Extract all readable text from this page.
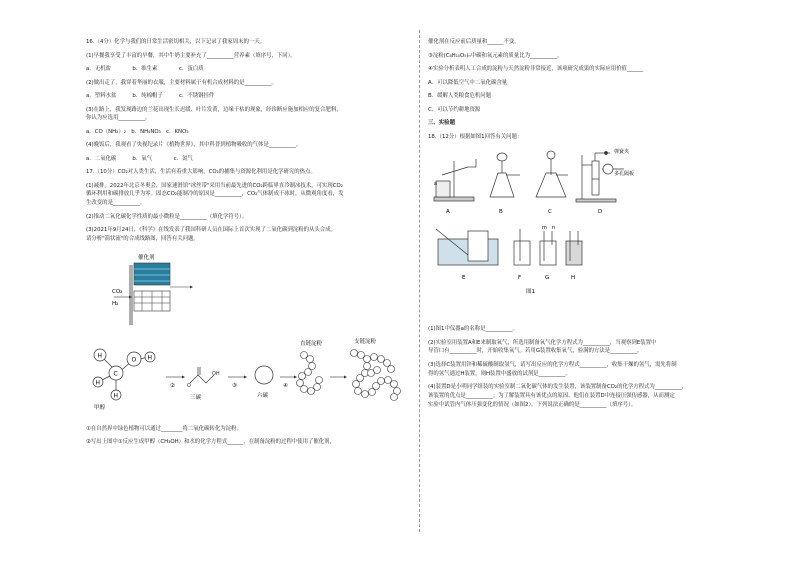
16.（4分）化学与我们的日常生活密切相关，以下记录了我家周末的一天。
(1)早餐我享受了丰富的早餐，其中牛奶主要补充了__________营养素（填序号，下同）。
a．无机盐　　　　b．维生素　　　　c．蛋白质
(2)做出走了，我穿着华丽的衣服，主要材料属于有机合成材料的是__________。
a．塑料水盆　　　b．纯棉帽子　　　c．不锈钢挂件
(3)在路上，我发现路边的兰花出现生长迟缓、叶片发黄，边缘干枯的现象，经诊断应施加相应的复合肥料，
你认为应选用__________。
a．CO（NH₂）₂　b．NH₄NO₃　c．KNO₃
(4)晚饭后，我观看了央视纪录片《植物世界》，其中科普到植物吸收的气体是__________。
a．二氧化碳　　　b．氧气　　　　c．氮气
17.（10分）CO₂对人类生活，生活有着重大影响，CO₂的捕集与资源化利用是化学研究的热点。
(1)减排。2022年北京冬奥会，国家速滑馆"冰丝带"采用当前最先进的CO₂跨临界直冷制冰技术，可实现CO₂
循环利用和碳排放几乎为零。固态CO₂能制冷的原因是__________，CO₂气体制成干冰时，从微观角度看，发
生改变的是__________。
(2)推动二氧化碳化学性质的最小微粒是__________（填化学符号）。
(3)2021年9月24日，《科学》在线发表了我国科研人员在国际上首次实现了二氧化碳到淀粉的从头合成。
请分析"箭状流"的合成线路图，回答有关问题。
催化剂
CO₂
H₂
H
O H
C
H
H
甲醇
② O
OH
三碳
③
六碳
④
直链淀粉	支链淀粉
①在自然界中绿色植物可以通过________将二氧化碳转化为淀粉。
②写出上图中①反应生成甲醇（CH₃OH）和水的化学方程式______，在制备淀粉的过程中使用了催化剂，
催化剂在反应前后质量和______不变。
③淀粉(C₆H₁₀O₅)ₙ中碳和氧元素的质量比为__________。
④实验分析表明人工合成的淀粉与天然淀粉非常接近，该项研究成果的实际应用价值______
A．可以降低空气中二氧化碳含量
B．缓解人类粮食危机问题
C．可以节约耕地资源
三、实验题
18.（12分）根据如图1回答有关问题：
A
a
B	C
弹簧夹
多孔隔板
D
E	F
m n
G	H
图1
(1)图1中仪器a的名称是__________。
(2)实验室用装置A和E来制取氧气，所选用制备氧气化学方程式为__________，当观察到E装置中
导管口有__________时，开始收集氧气。若用G装置收集氧气，验满的方法是__________。
(3)选择C装置用锌和稀硫酸制取氢气，请写出反应的化学方程式__________，收集干燥的氢气，需先将制
得的氢气通过H装置，则H装置中盛放的试剂是__________。
(4)装置D是小明同学组装的实验室制二氧化碳气体的发生装置，该装置制备CO₂的化学方程式为__________，
该装置的优点是__________；为了解装置具有该优点的原因，他们在装置D中连接压强传感器，从而测定
实验中试管内气体压强变化的情况（如图2）。下列说法正确的是__________（填序号）。
